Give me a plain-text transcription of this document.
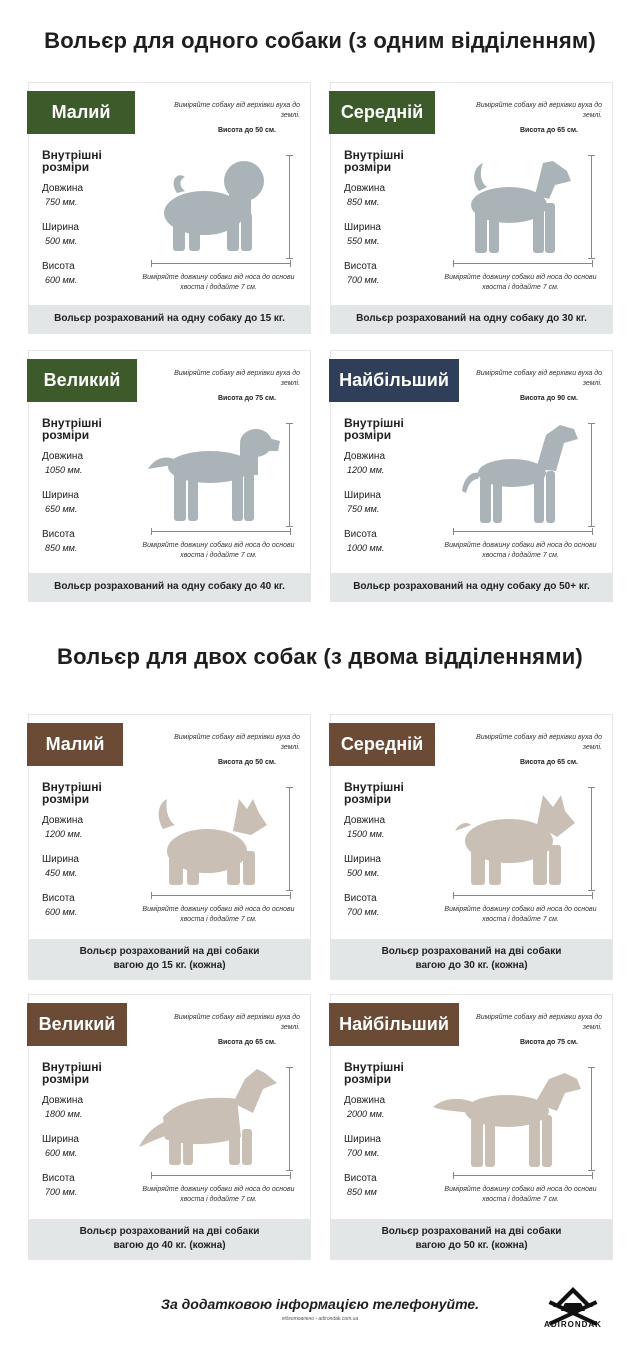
Вольєр для одного собаки (з одним відділенням)
Вольєр для двох собак (з двома відділеннями)
Малий	Виміряйте собаку від верхівки вуха до землі.
Висота до 50 см.
Внутрішні розміри
Довжина
750 мм.
Ширина
500 мм.
Висота
600 мм.	Виміряйте довжину собаки від носа до основи хвоста і додайте 7 см.
Вольєр розрахований на одну собаку до 15 кг.
Середній	Виміряйте собаку від верхівки вуха до землі.
Висота до 65 см.
Внутрішні розміри
Довжина
850 мм.
Ширина
550 мм.
Висота
700 мм.	Виміряйте довжину собаки від носа до основи хвоста і додайте 7 см.
Вольєр розрахований на одну собаку до 30 кг.
Великий	Виміряйте собаку від верхівки вуха до землі.
Висота до 75 см.
Внутрішні розміри
Довжина
1050 мм.
Ширина
650 мм.
Висота
850 мм.	Виміряйте довжину собаки від носа до основи хвоста і додайте 7 см.
Вольєр розрахований на одну собаку до 40 кг.
Найбільший	Виміряйте собаку від верхівки вуха до землі.
Висота до 90 см.
Внутрішні розміри
Довжина
1200 мм.
Ширина
750 мм.
Висота
1000 мм.	Виміряйте довжину собаки від носа до основи хвоста і додайте 7 см.
Вольєр розрахований на одну собаку до 50+ кг.
Малий	Виміряйте собаку від верхівки вуха до землі.
Висота до 50 см.
Внутрішні розміри
Довжина
1200 мм.
Ширина
450 мм.
Висота
600 мм.	Виміряйте довжину собаки від носа до основи хвоста і додайте 7 см.
Вольєр розрахований на дві собаки
вагою до 15 кг. (кожна)
Середній	Виміряйте собаку від верхівки вуха до землі.
Висота до 65 см.
Внутрішні розміри
Довжина
1500 мм.
Ширина
500 мм.
Висота
700 мм.	Виміряйте довжину собаки від носа до основи хвоста і додайте 7 см.
Вольєр розрахований на дві собаки
вагою до 30 кг. (кожна)
Великий	Виміряйте собаку від верхівки вуха до землі.
Висота до 65 см.
Внутрішні розміри
Довжина
1800 мм.
Ширина
600 мм.
Висота
700 мм.	Виміряйте довжину собаки від носа до основи хвоста і додайте 7 см.
Вольєр розрахований на дві собаки
вагою до 40 кг. (кожна)
Найбільший	Виміряйте собаку від верхівки вуха до землі.
Висота до 75 см.
Внутрішні розміри
Довжина
2000 мм.
Ширина
700 мм.
Висота
850 мм	Виміряйте довжину собаки від носа до основи хвоста і додайте 7 см.
Вольєр розрахований на дві собаки
вагою до 50 кг. (кожна)
За додатковою інформацією телефонуйте.
підготовлено - adirondak.com.ua
ADIRONDAK
